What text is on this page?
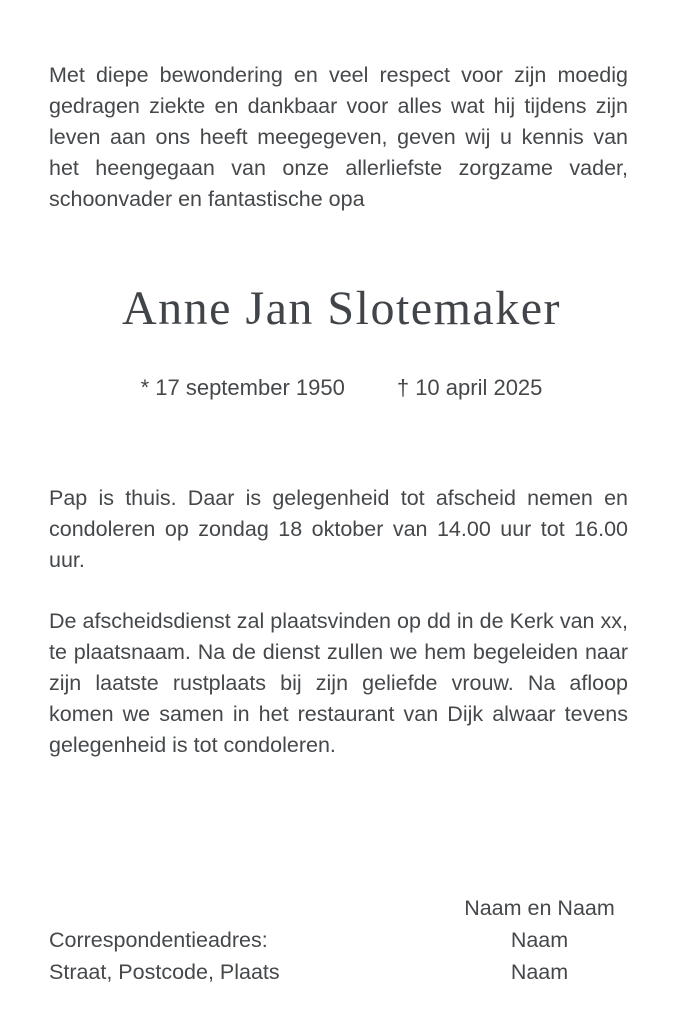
Met diepe bewondering en veel respect voor zijn moedig gedragen ziekte en dankbaar voor alles wat hij tijdens zijn leven aan ons heeft meegegeven, geven wij u kennis van het heengegaan van onze allerliefste zorgzame vader, schoonvader en fantastische opa

Anne Jan Slotemaker
* 17 september 1950 † 10 april 2025

Pap is thuis. Daar is gelegenheid tot afscheid nemen en condoleren op zondag 18 oktober van 14.00 uur tot 16.00 uur.

De afscheidsdienst zal plaatsvinden op dd in de Kerk van xx, te plaatsnaam. Na de dienst zullen we hem begeleiden naar zijn laatste rustplaats bij zijn geliefde vrouw. Na afloop komen we samen in het restaurant van Dijk alwaar tevens gelegenheid is tot condoleren.

Correspondentieadres:
Straat, Postcode, Plaats
Naam en Naam
Naam
Naam
